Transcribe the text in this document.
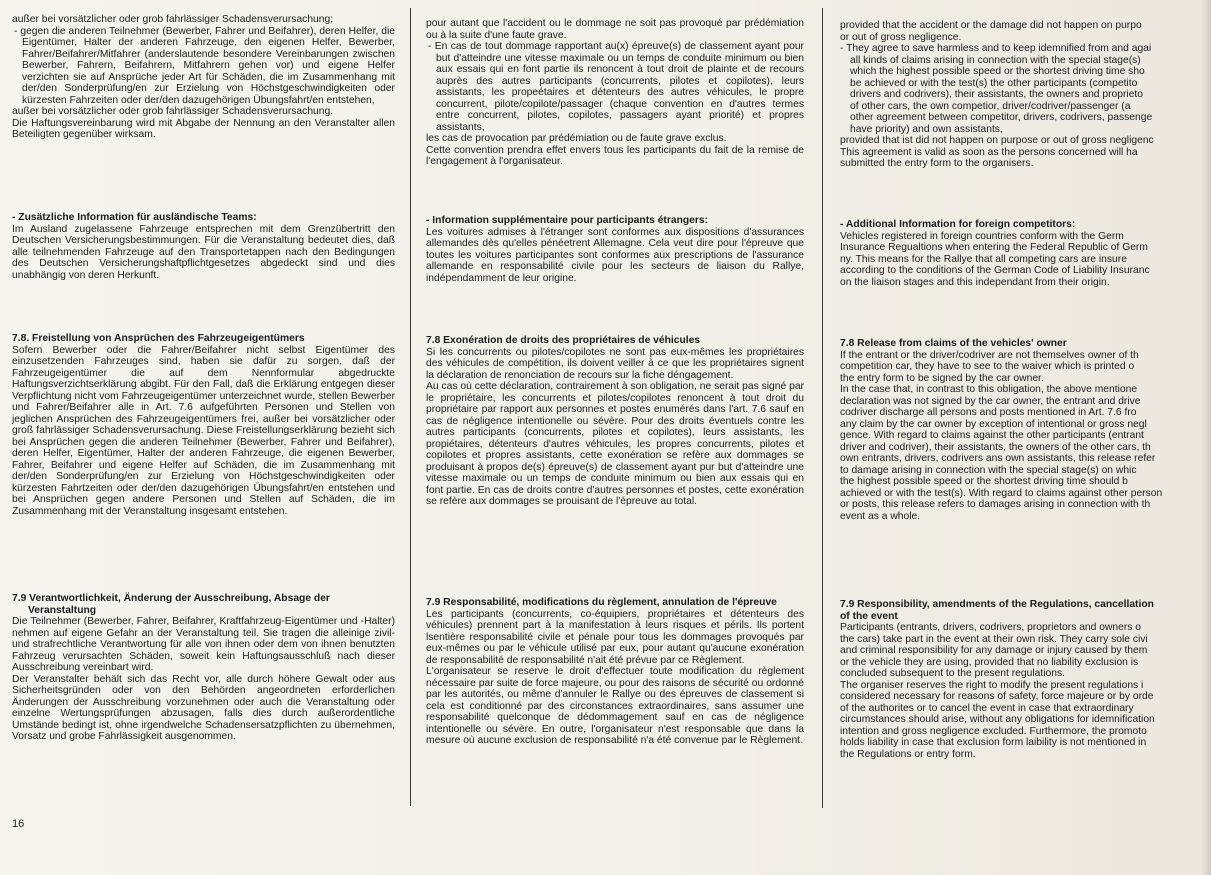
außer bei vorsätzlicher oder grob fahrlässiger Schadensverursachung;

- gegen die anderen Teilnehmer (Bewerber, Fahrer und Beifahrer), deren Helfer, die Eigentümer, Halter der anderen Fahrzeuge, den eigenen Helfer, Bewerber, Fahrer/Beifahrer/Mitfahrer (anderslautende besondere Vereinbarungen zwischen Bewerber, Fahrern, Beifahrern, Mitfahrern gehen vor) und eigene Helfer verzichten sie auf Ansprüche jeder Art für Schäden, die im Zusammenhang mit der/den Sonderprüfung/en zur Erzielung von Höchstgeschwindigkeiten oder kürzesten Fahrzeiten oder der/den dazugehörigen Übungsfahrt/en entstehen,

außer bei vorsätzlicher oder grob fahrlässiger Schadensverursachung.

Die Haftungsvereinbarung wird mit Abgabe der Nennung an den Veranstalter allen Beteiligten gegenüber wirksam.

- Zusätzliche Information für ausländische Teams:

Im Ausland zugelassene Fahrzeuge entsprechen mit dem Grenzübertritt den Deutschen Versicherungsbestimmungen. Für die Veranstaltung bedeutet dies, daß alle teilnehmenden Fahrzeuge auf den Transportetappen nach den Bedingungen des Deutschen Versicherungshaftpflichtgesetzes abgedeckt sind und dies unabhängig von deren Herkunft.

7.8. Freistellung von Ansprüchen des Fahrzeugeigentümers

Sofern Bewerber oder die Fahrer/Beifahrer nicht selbst Eigentümer des einzusetzenden Fahrzeuges sind, haben sie dafür zu sorgen, daß der Fahrzeugeigentümer die auf dem Nennformular abgedruckte Haftungsverzichtserklärung abgibt. Für den Fall, daß die Erklärung entgegen dieser Verpflichtung nicht vom Fahrzeugeigentümer unterzeichnet wurde, stellen Bewerber und Fahrer/Beifahrer alle in Art. 7.6 aufgeführten Personen und Stellen von jeglichen Ansprüchen des Fahrzeugeigentümers frei, außer bei vorsätzlicher oder groß fahrlässiger Schadensverursachung. Diese Freistellungserklärung bezieht sich bei Ansprüchen gegen die anderen Teilnehmer (Bewerber, Fahrer und Beifahrer), deren Helfer, Eigentümer, Halter der anderen Fahrzeuge, die eigenen Bewerber, Fahrer, Beifahrer und eigene Helfer auf Schäden, die im Zusammenhang mit der/den Sonderprüfung/en zur Erzielung von Höchstgeschwindigkeiten oder kürzesten Fahrtzeiten oder der/den dazugehörigen Übungsfahrt/en entstehen und bei Ansprüchen gegen andere Personen und Stellen auf Schäden, die im Zusammenhang mit der Veranstaltung insgesamt entstehen.

7.9 Verantwortlichkeit, Änderung der Ausschreibung, Absage der

Veranstaltung

Die Teilnehmer (Bewerber, Fahrer, Beifahrer, Kraftfahrzeug-Eigentümer und -Halter) nehmen auf eigene Gefahr an der Veranstaltung teil. Sie tragen die alleinige zivil- und strafrechtliche Verantwortung für alle von ihnen oder dem von ihnen benutzten Fahrzeug verursachten Schäden, soweit kein Haftungsausschluß nach dieser Ausschreibung vereinbart wird.

Der Veranstalter behält sich das Recht vor, alle durch höhere Gewalt oder aus Sicherheitsgründen oder von den Behörden angeordneten erforderlichen Änderungen der Ausschreibung vorzunehmen oder auch die Veranstaltung oder einzelne Wertungsprüfungen abzusagen, falls dies durch außerordentliche Umstände bedingt ist, ohne irgendwelche Schadensersatzpflichten zu übernehmen, Vorsatz und grobe Fahrlässigkeit ausgenommen.

pour autant que l'accident ou le dommage ne soit pas provoqué par prédémiation ou à la suite d'une faute grave.

- En cas de tout dommage rapportant au(x) épreuve(s) de classement ayant pour but d'atteindre une vitesse maximale ou un temps de conduite minimum ou bien aux essais qui en font partie ils renoncent à tout droit de plainte et de recours auprès des autres participants (concurrents, pilotes et copilotes), leurs assistants, les propeétaires et détenteurs des autres véhicules, le propre concurrent, pilote/copilote/passager (chaque convention en d'autres termes entre concurrent, pilotes, copilotes, passagers ayant priorité) et propres assistants,

les cas de provocation par prédémiation ou de faute grave exclus.

Cette convention prendra effet envers tous les participants du fait de la remise de l'engagement à l'organisateur.

- Information supplémentaire pour participants étrangers:

Les voitures admises à l'étranger sont conformes aux dispositions d'assurances allemandes dès qu'elles pénéetrent Allemagne. Cela veut dire pour l'épreuve que toutes les voitures participantes sont conformes aux prescriptions de l'assurance allemande en responsabilité civile pour les secteurs de liaison du Rallye, indépendamment de leur origine.

7.8 Exonération de droits des propriétaires de véhicules

Si les concurrents ou pilotes/copilotes ne sont pas eux-mêmes les propriétaires des véhicules de compétition, ils doivent veiller à ce que les propriétaires signent la déclaration de renonciation de recours sur la fiche déngagement.

Au cas où cette déclaration, contrairement à son obligation, ne serait pas signé par le propriétaire, les concurrents et pilotes/copilotes renoncent à tout droit du propriétaire par rapport aux personnes et postes enumérés dans l'art. 7.6 sauf en cas de négligence intentionelle ou sévère. Pour des droits éventuels contre les autres participants (concurrents, pilotes et copilotes), leurs assistants, les propiétaires, détenteurs d'autres véhicules, les propres concurrents, pilotes et copilotes et propres assistants, cette exonération se refère aux dommages se produisant à propos de(s) épreuve(s) de classement ayant pur but d'atteindre une vitesse maximale ou un temps de conduite minimum ou bien aux essais qui en font partie. En cas de droits contre d'autres personnes et postes, cette exonération se refère aux dommages se prouisant de l'épreuve au total.

7.9 Responsabilité, modifications du règlement, annulation de l'épreuve

Les participants (concurrents, co-équipiers, propriétaires et détenteurs des véhicules) prennent part à la manifestation à leurs risques et périls. Ils portent lsentière responsabilité civile et pénale pour tous les dommages provoqués par eux-mêmes ou par le véhicule utilisé par eux, pour autant qu'aucune exonération de responsabilité de responsabilité n'ait été prévue par ce Règlement.

L'organisateur se reserve le droit d'effectuer toute modification du règlement nécessaire par suite de force majeure, ou pour des raisons de sécurité ou ordonné par les autorités, ou même d'annuler le Rallye ou des épreuves de classement si cela est conditionné par des circonstances extraordinaires, sans assumer une responsabilité quelconque de dédommagement sauf en cas de négligence intentionelle ou sévère. En outre, l'organisateur n'est responsable que dans la mesure où aucune exclusion de responsabilité n'a été convenue par le Règlement.

provided that the accident or the damage did not happen on purpo

or out of gross negligence.

- They agree to save harmless and to keep idemnified from and agai

all kinds of claims arising in connection with the special stage(s)

which the highest possible speed or the shortest driving time sho

be achieved or with the test(s) the other participants (competito

drivers and codrivers), their assistants, the owners and proprieto

of other cars, the own competior, driver/codriver/passenger (a

other agreement between competitor, drivers, codrivers, passenge

have priority) and own assistants,

provided that ist did not happen on purpose or out of gross negligenc

This agreement is valid as soon as the persons concerned will ha

submitted the entry form to the organisers.

- Additional Information for foreign competitors:

Vehicles registered in foreign countries conform with the Germ

Insurance Regualtions when entering the Federal Republic of Germ

ny. This means for the Rallye that all competing cars are insure

according to the conditions of the German Code of Liability Insuranc

on the liaison stages and this independant from their origin.

7.8 Release from claims of the vehicles' owner

If the entrant or the driver/codriver are not themselves owner of th

competition car, they have to see to the waiver which is printed o

the entry form to be signed by the car owner.

In the case that, in contrast to this obligation, the above mentione

declaration was not signed by the car owner, the entrant and drive

codriver discharge all persons and posts mentioned in Art. 7.6 fro

any claim by the car owner by exception of intentional or gross negl

gence. With regard to claims against the other participants (entrant

driver and codriver), their assistants, the owners of the other cars, th

own entrants, drivers, codrivers ans own assistants, this release refer

to damage arising in connection with the special stage(s) on whic

the highest possible speed or the shortest driving time should b

achieved or with the test(s). With regard to claims against other person

or posts, this release refers to damages arising in connection with th

event as a whole.

7.9 Responsibility, amendments of the Regulations, cancellation

of the event

Participants (entrants, drivers, codrivers, proprietors and owners o

the cars) take part in the event at their own risk. They carry sole civi

and criminal responsibility for any damage or injury caused by them

or the vehicle they are using, provided that no liability exclusion is

concluded subsequent to the present regulations.

The organiser reserves the right to modify the present regulations i

considered necessary for reasons of safety, force majeure or by orde

of the authorites or to cancel the event in case that extraordinary

circumstances should arise, without any obligations for idemnification

intention and gross negligence excluded. Furthermore, the promoto

holds liability in case that exclusion form laibility is not mentioned in

the Regulations or entry form.

16
